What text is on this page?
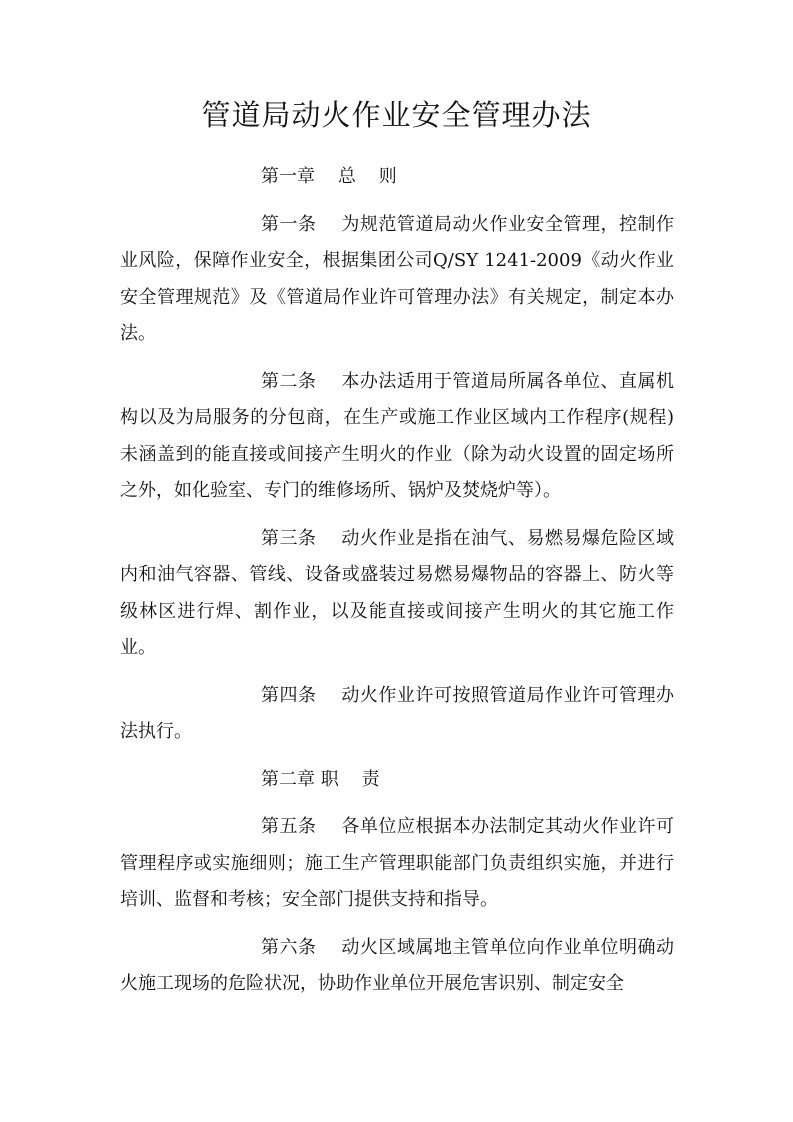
管道局动火作业安全管理办法

第一章    总    则

第一条    为规范管道局动火作业安全管理，控制作业风险，保障作业安全，根据集团公司Q/SY 1241-2009《动火作业安全管理规范》及《管道局作业许可管理办法》有关规定，制定本办法。

第二条    本办法适用于管道局所属各单位、直属机构以及为局服务的分包商，在生产或施工作业区域内工作程序(规程)未涵盖到的能直接或间接产生明火的作业（除为动火设置的固定场所之外，如化验室、专门的维修场所、锅炉及焚烧炉等）。

第三条    动火作业是指在油气、易燃易爆危险区域内和油气容器、管线、设备或盛装过易燃易爆物品的容器上、防火等级林区进行焊、割作业，以及能直接或间接产生明火的其它施工作业。

第四条    动火作业许可按照管道局作业许可管理办法执行。

第二章 职    责

第五条    各单位应根据本办法制定其动火作业许可管理程序或实施细则；施工生产管理职能部门负责组织实施，并进行培训、监督和考核；安全部门提供支持和指导。

第六条    动火区域属地主管单位向作业单位明确动火施工现场的危险状况，协助作业单位开展危害识别、制定安全
